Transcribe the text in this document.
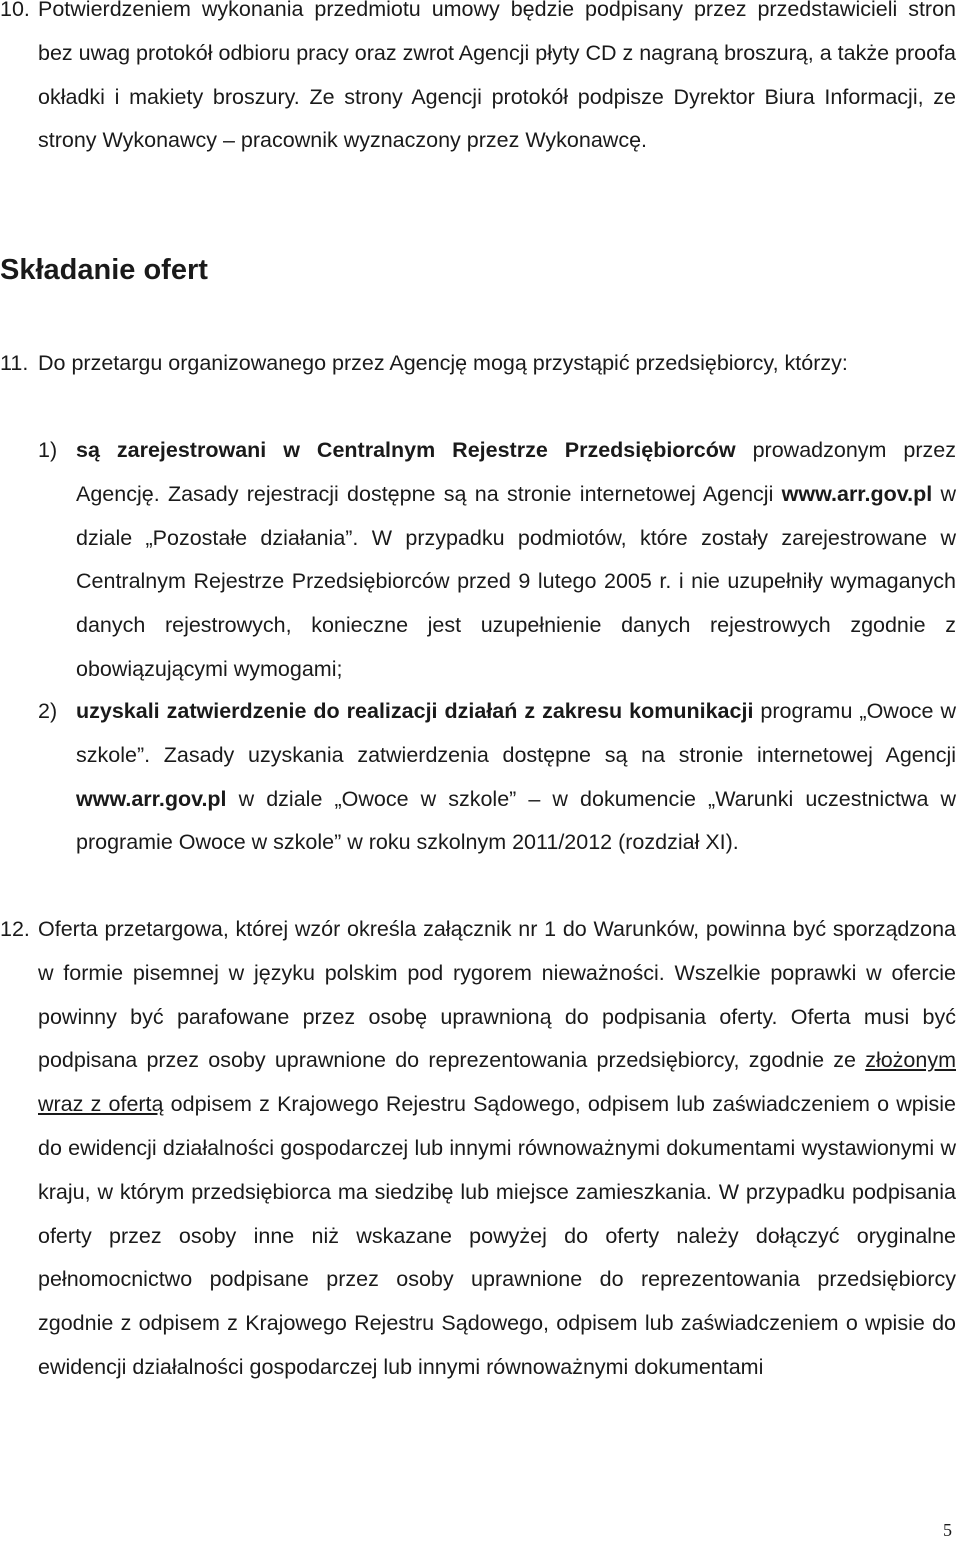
10. Potwierdzeniem wykonania przedmiotu umowy będzie podpisany przez przedstawicieli stron bez uwag protokół odbioru pracy oraz zwrot Agencji płyty CD z nagraną broszurą, a także proofa okładki i makiety broszury. Ze strony Agencji protokół podpisze Dyrektor Biura Informacji, ze strony Wykonawcy – pracownik wyznaczony przez Wykonawcę.
Składanie ofert
11. Do przetargu organizowanego przez Agencję mogą przystąpić przedsiębiorcy, którzy:
1) są zarejestrowani w Centralnym Rejestrze Przedsiębiorców prowadzonym przez Agencję. Zasady rejestracji dostępne są na stronie internetowej Agencji www.arr.gov.pl w dziale „Pozostałe działania”. W przypadku podmiotów, które zostały zarejestrowane w Centralnym Rejestrze Przedsiębiorców przed 9 lutego 2005 r. i nie uzupełniły wymaganych danych rejestrowych, konieczne jest uzupełnienie danych rejestrowych zgodnie z obowiązującymi wymogami;
2) uzyskali zatwierdzenie do realizacji działań z zakresu komunikacji programu „Owoce w szkole”. Zasady uzyskania zatwierdzenia dostępne są na stronie internetowej Agencji www.arr.gov.pl w dziale „Owoce w szkole” – w dokumencie „Warunki uczestnictwa w programie Owoce w szkole” w roku szkolnym 2011/2012 (rozdział XI).
12. Oferta przetargowa, której wzór określa załącznik nr 1 do Warunków, powinna być sporządzona w formie pisemnej w języku polskim pod rygorem nieważności. Wszelkie poprawki w ofercie powinny być parafowane przez osobę uprawnioną do podpisania oferty. Oferta musi być podpisana przez osoby uprawnione do reprezentowania przedsiębiorcy, zgodnie ze złożonym wraz z ofertą odpisem z Krajowego Rejestru Sądowego, odpisem lub zaświadczeniem o wpisie do ewidencji działalności gospodarczej lub innymi równoważnymi dokumentami wystawionymi w kraju, w którym przedsiębiorca ma siedzibę lub miejsce zamieszkania. W przypadku podpisania oferty przez osoby inne niż wskazane powyżej do oferty należy dołączyć oryginalne pełnomocnictwo podpisane przez osoby uprawnione do reprezentowania przedsiębiorcy zgodnie z odpisem z Krajowego Rejestru Sądowego, odpisem lub zaświadczeniem o wpisie do ewidencji działalności gospodarczej lub innymi równoważnymi dokumentami
5
